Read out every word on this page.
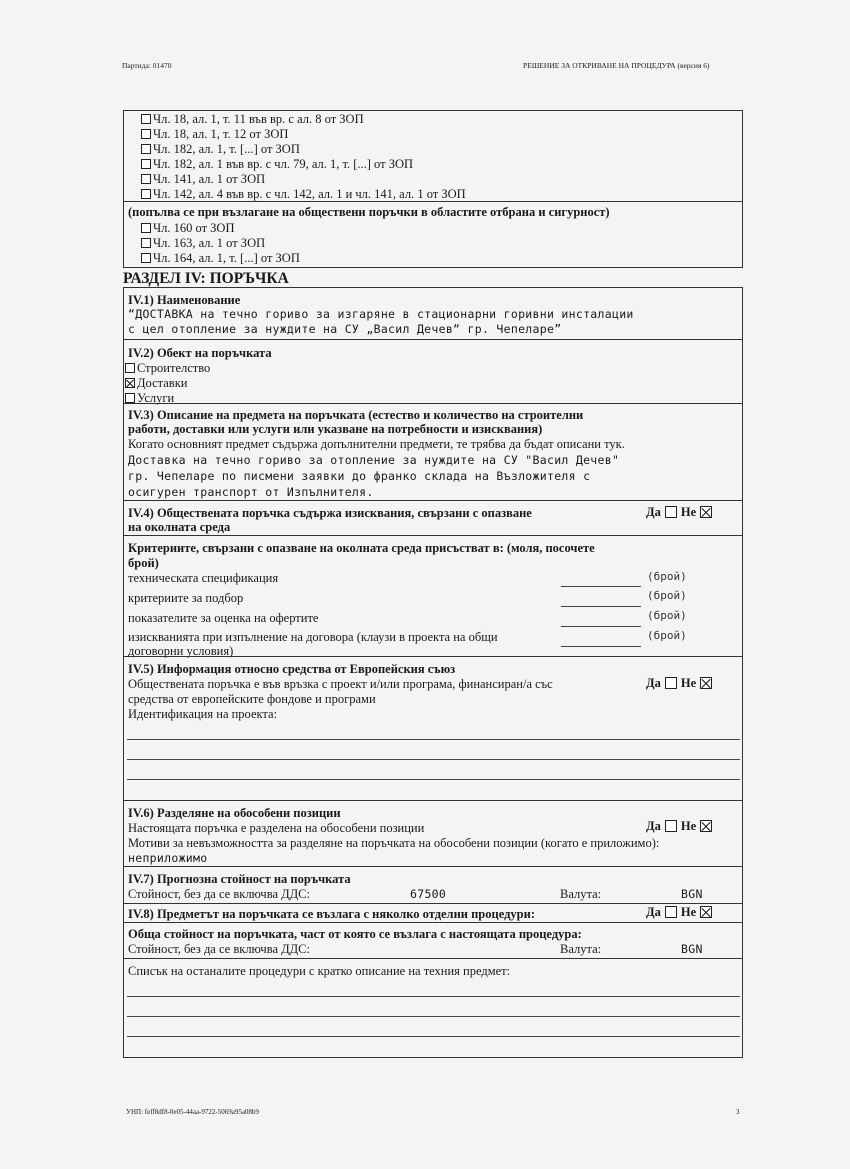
Партида: 01470	РЕШЕНИЕ ЗА ОТКРИВАНЕ НА ПРОЦЕДУРА (версия 6)
Чл. 18, ал. 1, т. 11 във вр. с ал. 8 от ЗОП
Чл. 18, ал. 1, т. 12 от ЗОП
Чл. 182, ал. 1, т. [...] от ЗОП
Чл. 182, ал. 1 във вр. с чл. 79, ал. 1, т. [...] от ЗОП
Чл. 141, ал. 1 от ЗОП
Чл. 142, ал. 4 във вр. с чл. 142, ал. 1 и чл. 141, ал. 1 от ЗОП
(попълва се при възлагане на обществени поръчки в областите отбрана и сигурност)
Чл. 160 от ЗОП
Чл. 163, ал. 1 от ЗОП
Чл. 164, ал. 1, т. [...] от ЗОП
РАЗДЕЛ IV: ПОРЪЧКА
IV.1) Наименование
“ДОСТАВКА на течно гориво за изгаряне в стационарни горивни инсталации
с цел отопление за нуждите на СУ „Васил Дечев“ гр. Чепеларе”
IV.2) Обект на поръчката
Строителство
Доставки
Услуги
IV.3) Описание на предмета на поръчката (естество и количество на строителни
работи, доставки или услуги или указване на потребности и изисквания)
Когато основният предмет съдържа допълнителни предмети, те трябва да бъдат описани тук.
Доставка на течно гориво за отопление за нуждите на СУ "Васил Дечев"
гр. Чепеларе по писмени заявки до франко склада на Възложителя с
осигурен транспорт от Изпълнителя.
IV.4) Обществената поръчка съдържа изисквания, свързани с опазване
на околната среда
Да Не
Критериите, свързани с опазване на околната среда присъстват в: (моля, посочете
брой)
техническата спецификация	(брой)
критериите за подбор	(брой)
показателите за оценка на офертите	(брой)
изискванията при изпълнение на договора (клаузи в проекта на общи
договорни условия)
(брой)
IV.5) Информация относно средства от Европейския съюз
Обществената поръчка е във връзка с проект и/или програма, финансиран/а със
средства от европейските фондове и програми
Да Не
Идентификация на проекта:
IV.6) Разделяне на обособени позиции
Настоящата поръчка е разделена на обособени позиции	Да Не
Мотиви за невъзможността за разделяне на поръчката на обособени позиции (когато е приложимо):
неприложимо
IV.7) Прогнозна стойност на поръчката
Стойност, без да се включва ДДС:	67500	Валута:	BGN
IV.8) Предметът на поръчката се възлага с няколко отделни процедури:	Да Не
Обща стойност на поръчката, част от която се възлага с настоящата процедура:
Стойност, без да се включва ДДС:	Валута:	BGN
Списък на останалите процедури с кратко описание на техния предмет:
УНП: feff8df8-0e05-44aa-9722-5069a95a08b9	3
